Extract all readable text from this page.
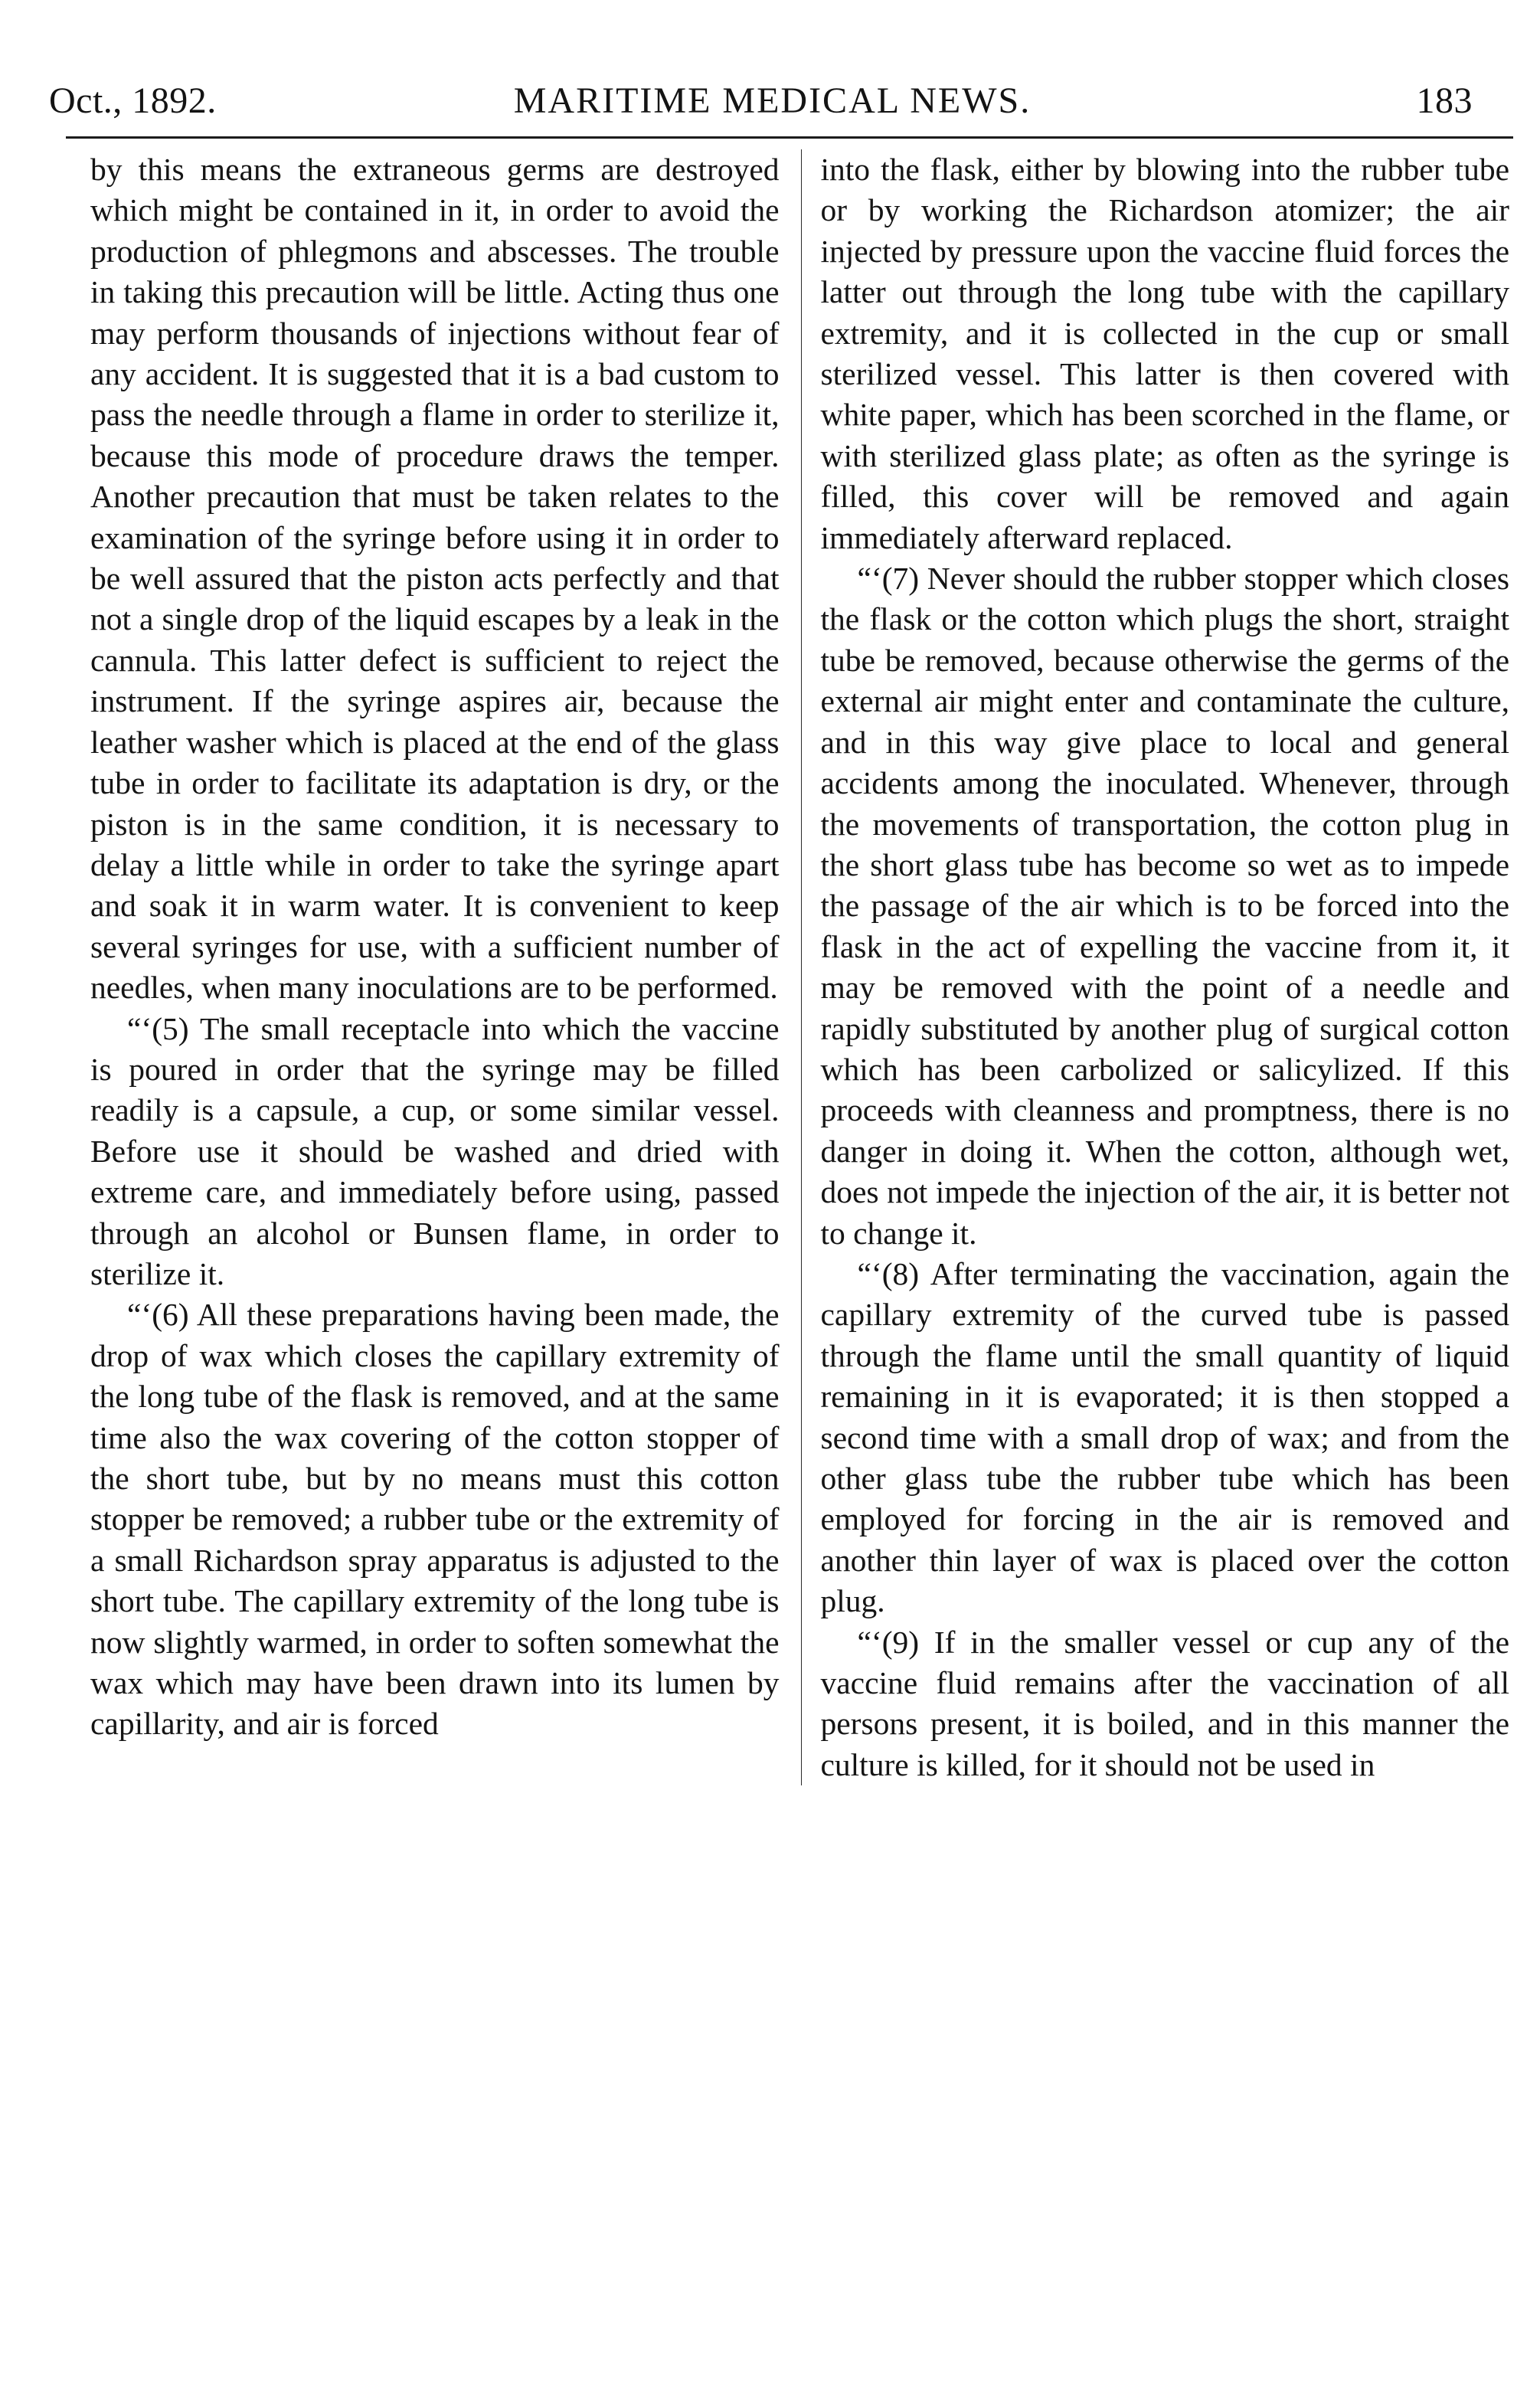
Oct., 1892.	MARITIME MEDICAL NEWS.	183

by this means the extraneous germs are destroyed which might be contained in it, in order to avoid the production of phlegmons and abscesses. The trouble in taking this precaution will be little. Acting thus one may perform thousands of injections without fear of any accident. It is suggested that it is a bad custom to pass the needle through a flame in order to sterilize it, because this mode of procedure draws the temper. Another precaution that must be taken relates to the examination of the syringe before using it in order to be well assured that the piston acts perfectly and that not a single drop of the liquid escapes by a leak in the cannula. This latter defect is sufficient to reject the instrument. If the syringe aspires air, because the leather washer which is placed at the end of the glass tube in order to facilitate its adaptation is dry, or the piston is in the same condition, it is necessary to delay a little while in order to take the syringe apart and soak it in warm water. It is convenient to keep several syringes for use, with a sufficient number of needles, when many inoculations are to be performed.

“‘(5) The small receptacle into which the vaccine is poured in order that the syringe may be filled readily is a capsule, a cup, or some similar vessel. Before use it should be washed and dried with extreme care, and immediately before using, passed through an alcohol or Bunsen flame, in order to sterilize it.

“‘(6) All these preparations having been made, the drop of wax which closes the capillary extremity of the long tube of the flask is removed, and at the same time also the wax covering of the cotton stopper of the short tube, but by no means must this cotton stopper be removed; a rubber tube or the extremity of a small Richardson spray apparatus is adjusted to the short tube. The capillary extremity of the long tube is now slightly warmed, in order to soften somewhat the wax which may have been drawn into its lumen by capillarity, and air is forced

into the flask, either by blowing into the rubber tube or by working the Richardson atomizer; the air injected by pressure upon the vaccine fluid forces the latter out through the long tube with the capillary extremity, and it is collected in the cup or small sterilized vessel. This latter is then covered with white paper, which has been scorched in the flame, or with sterilized glass plate; as often as the syringe is filled, this cover will be removed and again immediately afterward replaced.

“‘(7) Never should the rubber stopper which closes the flask or the cotton which plugs the short, straight tube be removed, because otherwise the germs of the external air might enter and contaminate the culture, and in this way give place to local and general accidents among the inoculated. Whenever, through the movements of transportation, the cotton plug in the short glass tube has become so wet as to impede the passage of the air which is to be forced into the flask in the act of expelling the vaccine from it, it may be removed with the point of a needle and rapidly substituted by another plug of surgical cotton which has been carbolized or salicylized. If this proceeds with cleanness and promptness, there is no danger in doing it. When the cotton, although wet, does not impede the injection of the air, it is better not to change it.

“‘(8) After terminating the vaccination, again the capillary extremity of the curved tube is passed through the flame until the small quantity of liquid remaining in it is evaporated; it is then stopped a second time with a small drop of wax; and from the other glass tube the rubber tube which has been employed for forcing in the air is removed and another thin layer of wax is placed over the cotton plug.

“‘(9) If in the smaller vessel or cup any of the vaccine fluid remains after the vaccination of all persons present, it is boiled, and in this manner the culture is killed, for it should not be used in
